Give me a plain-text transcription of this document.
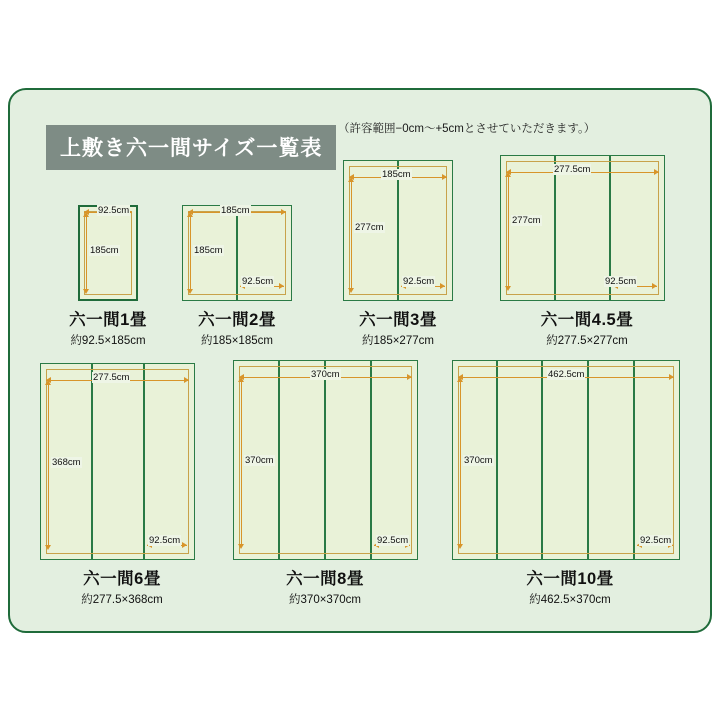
上敷き六一間サイズ一覧表
（許容範囲−0cm〜+5cmとさせていただきます。）
92.5cm
185cm
六一間1畳
約92.5×185cm
185cm
185cm
92.5cm
六一間2畳
約185×185cm
185cm
277cm
92.5cm
六一間3畳
約185×277cm
277.5cm
277cm
92.5cm
六一間4.5畳
約277.5×277cm
277.5cm
368cm
92.5cm
六一間6畳
約277.5×368cm
370cm
370cm
92.5cm
六一間8畳
約370×370cm
462.5cm
370cm
92.5cm
六一間10畳
約462.5×370cm
